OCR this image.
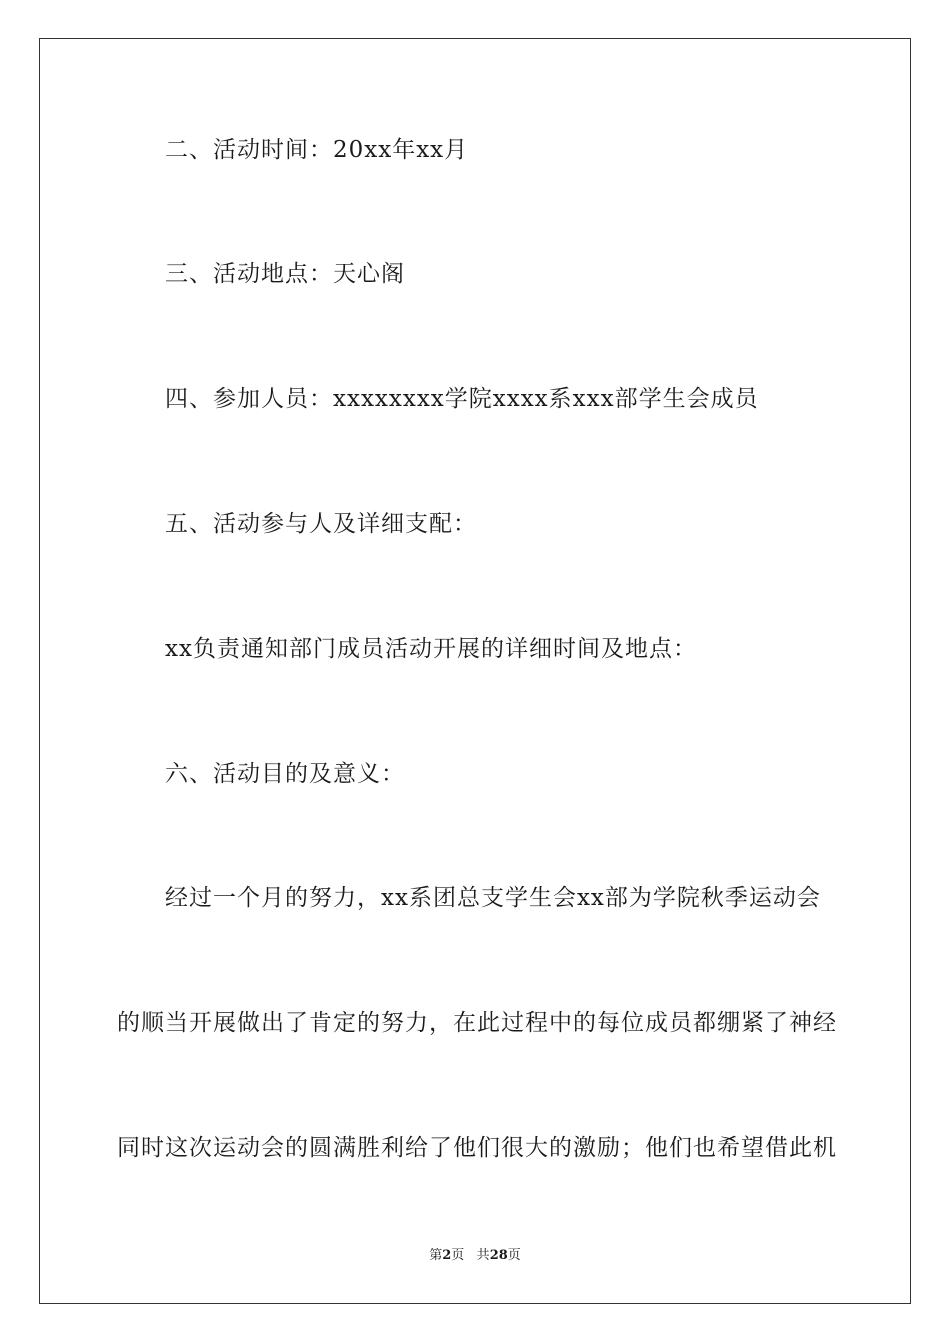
二、活动时间：20xx年xx月
三、活动地点：天心阁
四、参加人员：xxxxxxxx学院xxxx系xxx部学生会成员
五、活动参与人及详细支配：
xx负责通知部门成员活动开展的详细时间及地点：
六、活动目的及意义：
经过一个月的努力，xx系团总支学生会xx部为学院秋季运动会
的顺当开展做出了肯定的努力，在此过程中的每位成员都绷紧了神经
同时这次运动会的圆满胜利给了他们很大的激励；他们也希望借此机
第2页 共28页
